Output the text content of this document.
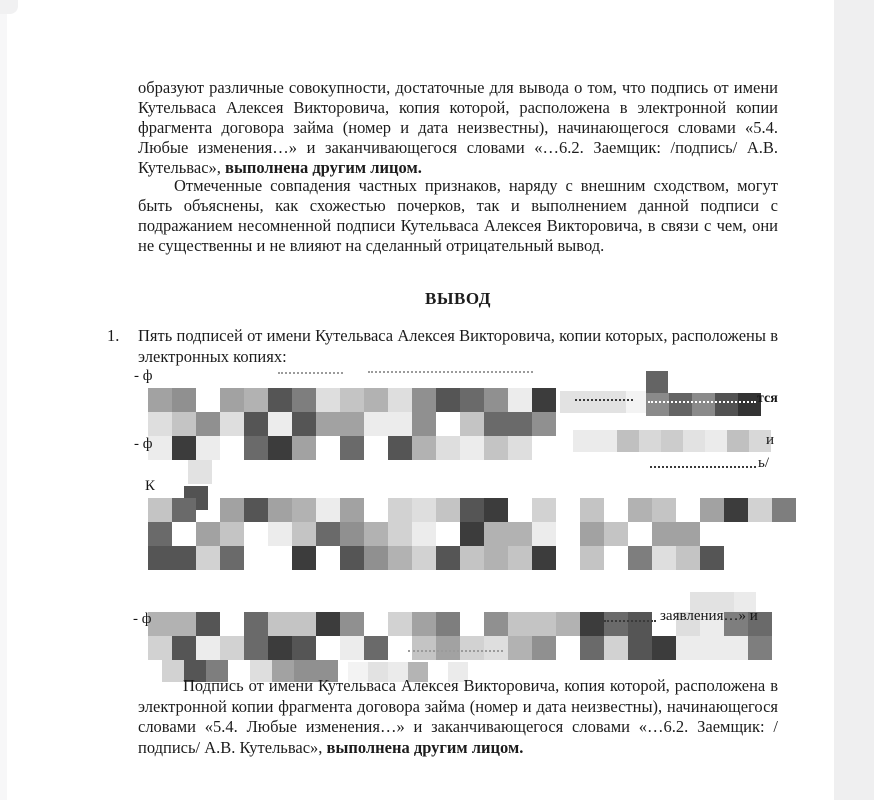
образуют различные совокупности, достаточные для вывода о том, что подпись от имени Кутельваса Алексея Викторовича, копия которой, расположена в электронной копии фрагмента договора займа (номер и дата неизвестны), начинающегося словами «5.4. Любые изменения…» и заканчивающегося словами «…6.2. Заемщик: /подпись/ А.В. Кутельвас», выполнена другим лицом.

Отмеченные совпадения частных признаков, наряду с внешним сходством, могут быть объяснены, как схожестью почерков, так и выполнением данной подписи с подражанием несомненной подписи Кутельваса Алексея Викторовича, в связи с чем, они не существенны и не влияют на сделанный отрицательный вывод.

ВЫВОД
1. Пять подписей от имени Кутельваса Алексея Викторовича, копии которых, расположены в электронных копиях:
- ф
тся
- ф	и
ь/
К
- ф	заявления…» и

Подпись от имени Кутельваса Алексея Викторовича, копия которой, расположена в электронной копии фрагмента договора займа (номер и дата неизвестны), начинающегося словами «5.4. Любые изменения…» и заканчивающегося словами «…6.2. Заемщик: /подпись/ А.В. Кутельвас», выполнена другим лицом.
